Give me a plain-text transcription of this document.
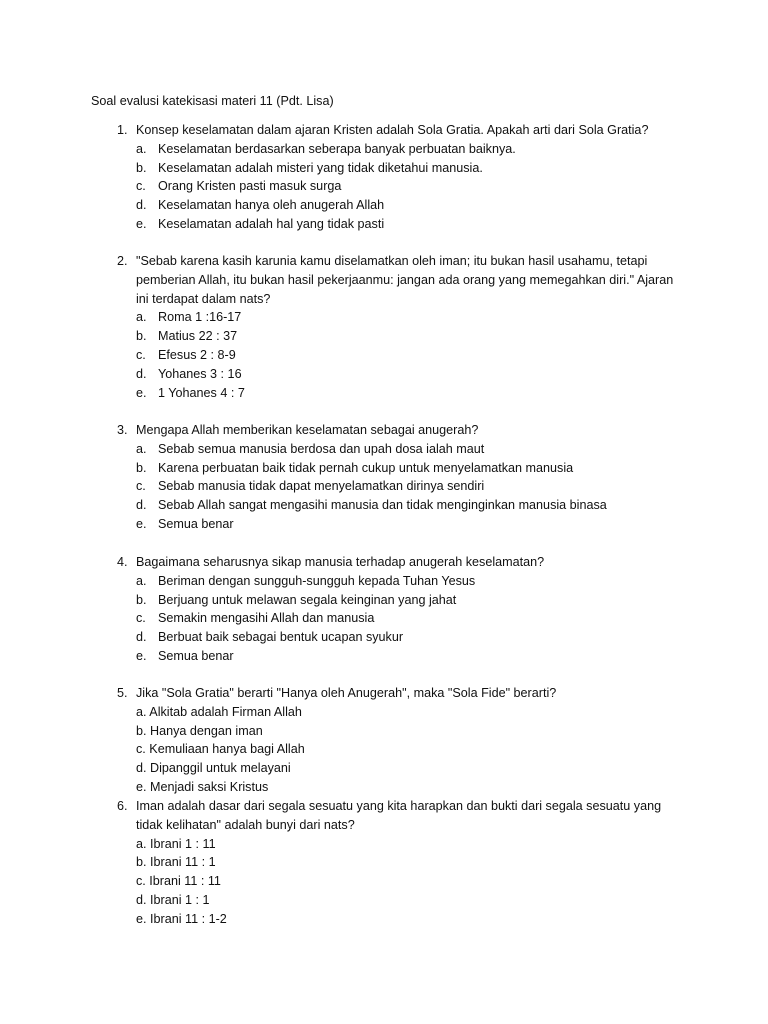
Soal evalusi katekisasi materi 11 (Pdt. Lisa)
1. Konsep keselamatan dalam ajaran Kristen adalah Sola Gratia. Apakah arti dari Sola Gratia?
a. Keselamatan berdasarkan seberapa banyak perbuatan baiknya.
b. Keselamatan adalah misteri yang tidak diketahui manusia.
c. Orang Kristen pasti masuk surga
d. Keselamatan hanya oleh anugerah Allah
e. Keselamatan adalah hal yang tidak pasti
2. "Sebab karena kasih karunia kamu diselamatkan oleh iman; itu bukan hasil usahamu, tetapi pemberian Allah, itu bukan hasil pekerjaanmu: jangan ada orang yang memegahkan diri." Ajaran ini terdapat dalam nats?
a. Roma 1 :16-17
b. Matius 22 : 37
c. Efesus 2 : 8-9
d. Yohanes 3 : 16
e. 1 Yohanes 4 : 7
3. Mengapa Allah memberikan keselamatan sebagai anugerah?
a. Sebab semua manusia berdosa dan upah dosa ialah maut
b. Karena perbuatan baik tidak pernah cukup untuk menyelamatkan manusia
c. Sebab manusia tidak dapat menyelamatkan dirinya sendiri
d. Sebab Allah sangat mengasihi manusia dan tidak menginginkan manusia binasa
e. Semua benar
4. Bagaimana seharusnya sikap manusia terhadap anugerah keselamatan?
a. Beriman dengan sungguh-sungguh kepada Tuhan Yesus
b. Berjuang untuk melawan segala keinginan yang jahat
c. Semakin mengasihi Allah dan manusia
d. Berbuat baik sebagai bentuk ucapan syukur
e. Semua benar
5. Jika "Sola Gratia" berarti "Hanya oleh Anugerah", maka "Sola Fide" berarti?
a. Alkitab adalah Firman Allah
b. Hanya dengan iman
c. Kemuliaan hanya bagi Allah
d. Dipanggil untuk melayani
e. Menjadi saksi Kristus
6. Iman adalah dasar dari segala sesuatu yang kita harapkan dan bukti dari segala sesuatu yang tidak kelihatan" adalah bunyi dari nats?
a. Ibrani 1 : 11
b. Ibrani 11 : 1
c. Ibrani 11 : 11
d. Ibrani 1 : 1
e. Ibrani 11 : 1-2
